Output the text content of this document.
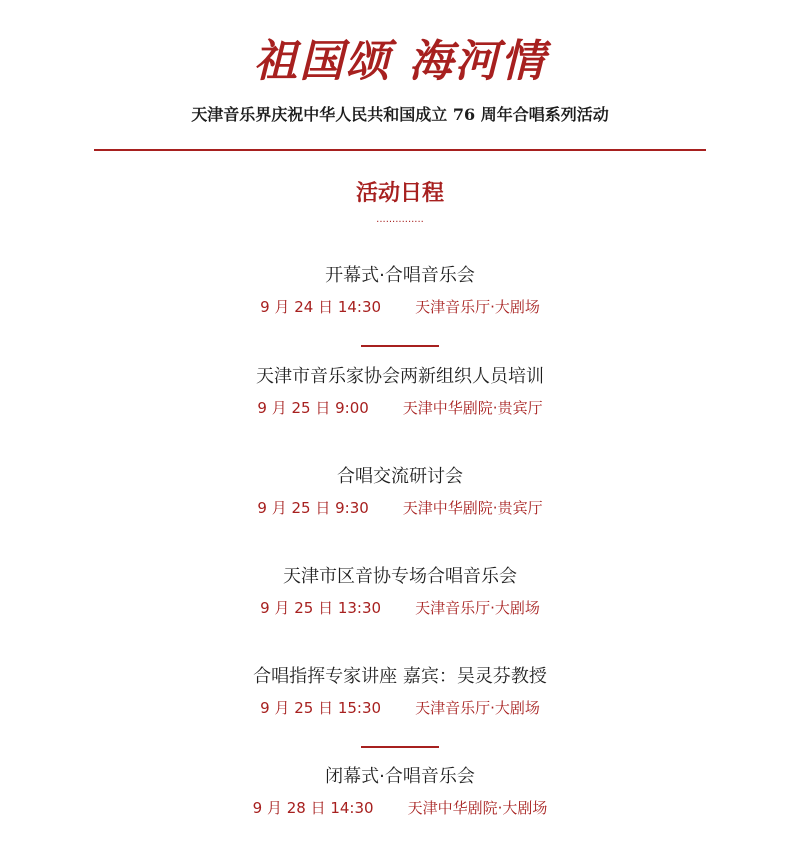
祖国颂 海河情
天津音乐界庆祝中华人民共和国成立 76 周年合唱系列活动
活动日程
...............
开幕式·合唱音乐会
9 月 24 日 14:30 天津音乐厅·大剧场
天津市音乐家协会两新组织人员培训
9 月 25 日 9:00 天津中华剧院·贵宾厅
合唱交流研讨会
9 月 25 日 9:30 天津中华剧院·贵宾厅
天津市区音协专场合唱音乐会
9 月 25 日 13:30 天津音乐厅·大剧场
合唱指挥专家讲座 嘉宾：吴灵芬教授
9 月 25 日 15:30 天津音乐厅·大剧场
闭幕式·合唱音乐会
9 月 28 日 14:30 天津中华剧院·大剧场
